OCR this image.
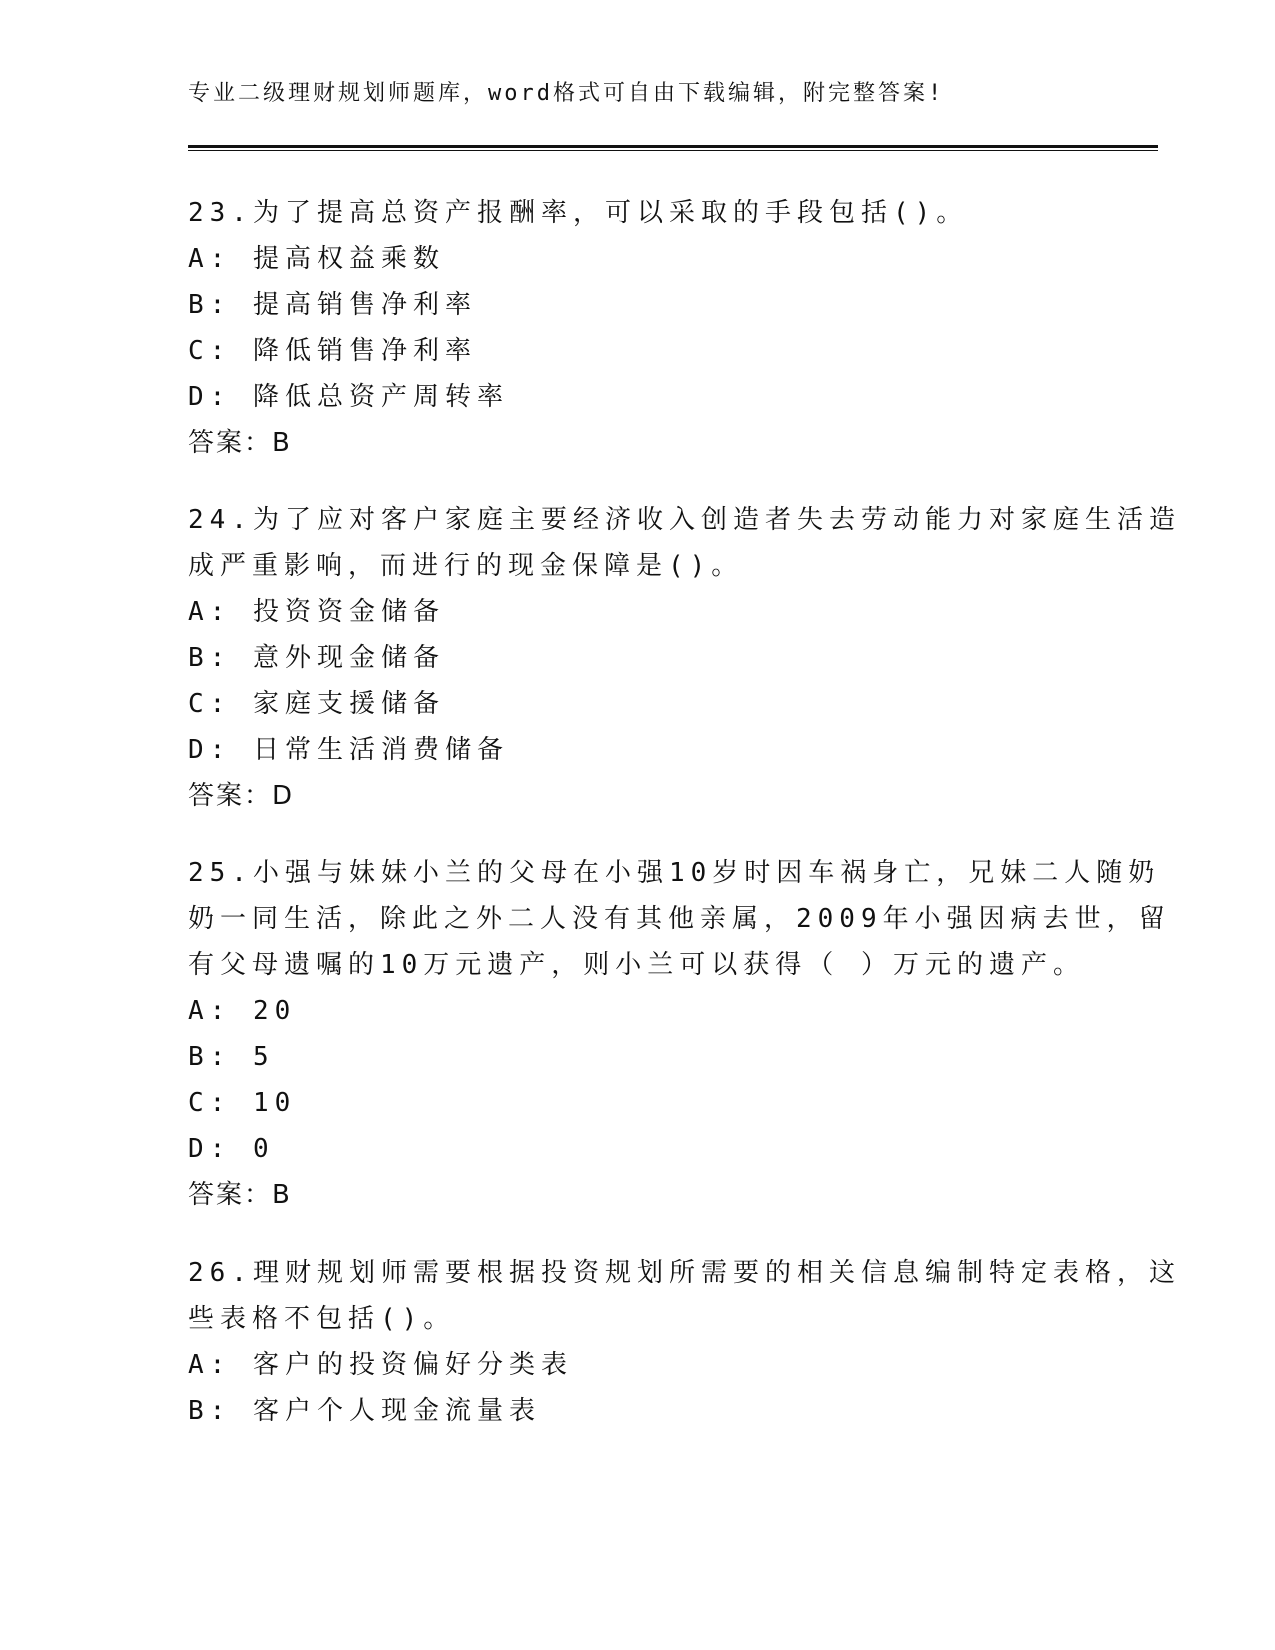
专业二级理财规划师题库，word格式可自由下载编辑，附完整答案!
23.为了提高总资产报酬率，可以采取的手段包括()。
A: 提高权益乘数
B: 提高销售净利率
C: 降低销售净利率
D: 降低总资产周转率
答案：B
24.为了应对客户家庭主要经济收入创造者失去劳动能力对家庭生活造
成严重影响，而进行的现金保障是()。
A: 投资资金储备
B: 意外现金储备
C: 家庭支援储备
D: 日常生活消费储备
答案：D
25.小强与妹妹小兰的父母在小强10岁时因车祸身亡，兄妹二人随奶
奶一同生活，除此之外二人没有其他亲属，2009年小强因病去世，留
有父母遗嘱的10万元遗产，则小兰可以获得（ ）万元的遗产。
A: 20
B: 5
C: 10
D: 0
答案：B
26.理财规划师需要根据投资规划所需要的相关信息编制特定表格，这
些表格不包括()。
A: 客户的投资偏好分类表
B: 客户个人现金流量表
